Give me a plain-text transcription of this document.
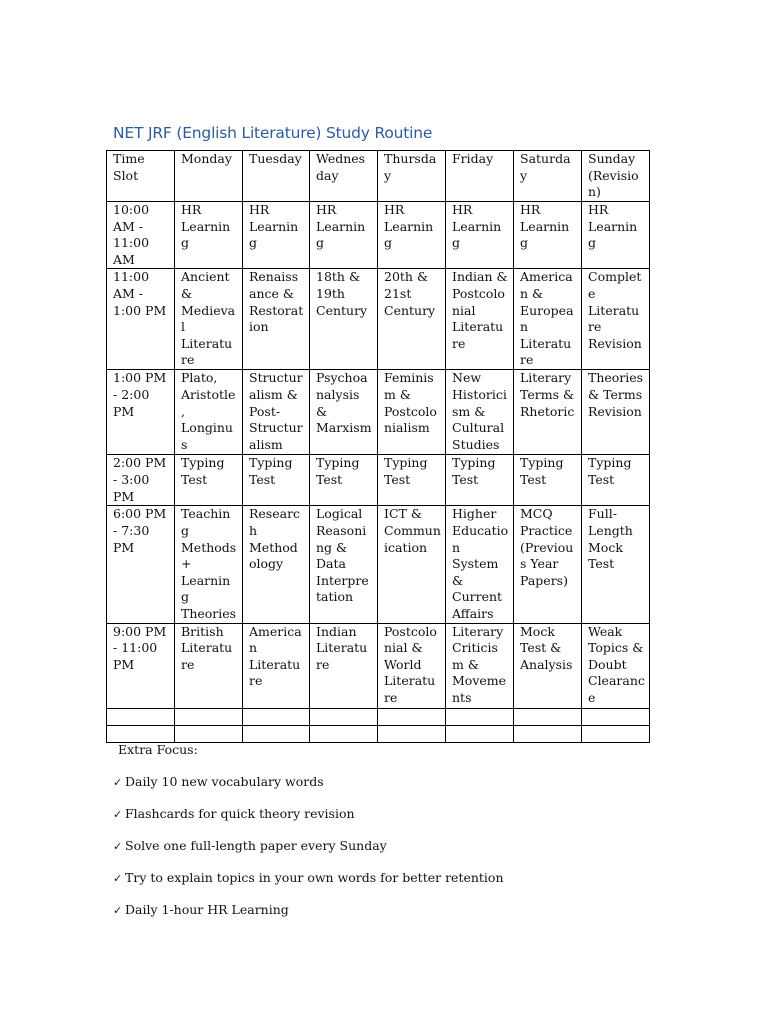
NET JRF (English Literature) Study Routine
Time Slot	Monday	Tuesday	Wednesday	Thursday	Friday	Saturday	Sunday (Revision)
10:00 AM - 11:00 AM	HR Learning	HR Learning	HR Learning	HR Learning	HR Learning	HR Learning	HR Learning
11:00 AM - 1:00 PM	Ancient & Medieval Literature	Renaissance & Restoration	18th & 19th Century	20th & 21st Century	Indian & Postcolonial Literature	American & European Literature	Complete Literature Revision
1:00 PM - 2:00 PM	Plato, Aristotle, Longinus	Structuralism & Post-Structuralism	Psychoanalysis & Marxism	Feminism & Postcolonialism	New Historicism & Cultural Studies	Literary Terms & Rhetoric	Theories & Terms Revision
2:00 PM - 3:00 PM	Typing Test	Typing Test	Typing Test	Typing Test	Typing Test	Typing Test	Typing Test
6:00 PM - 7:30 PM	Teaching Methods + Learning Theories	Research Methodology	Logical Reasoning & Data Interpretation	ICT & Communication	Higher Education System & Current Affairs	MCQ Practice (Previous Year Papers)	Full-Length Mock Test
9:00 PM - 11:00 PM	British Literature	American Literature	Indian Literature	Postcolonial & World Literature	Literary Criticism & Movements	Mock Test & Analysis	Weak Topics & Doubt Clearance

Extra Focus:

✓ Daily 10 new vocabulary words
✓ Flashcards for quick theory revision
✓ Solve one full-length paper every Sunday
✓ Try to explain topics in your own words for better retention
✓ Daily 1-hour HR Learning
